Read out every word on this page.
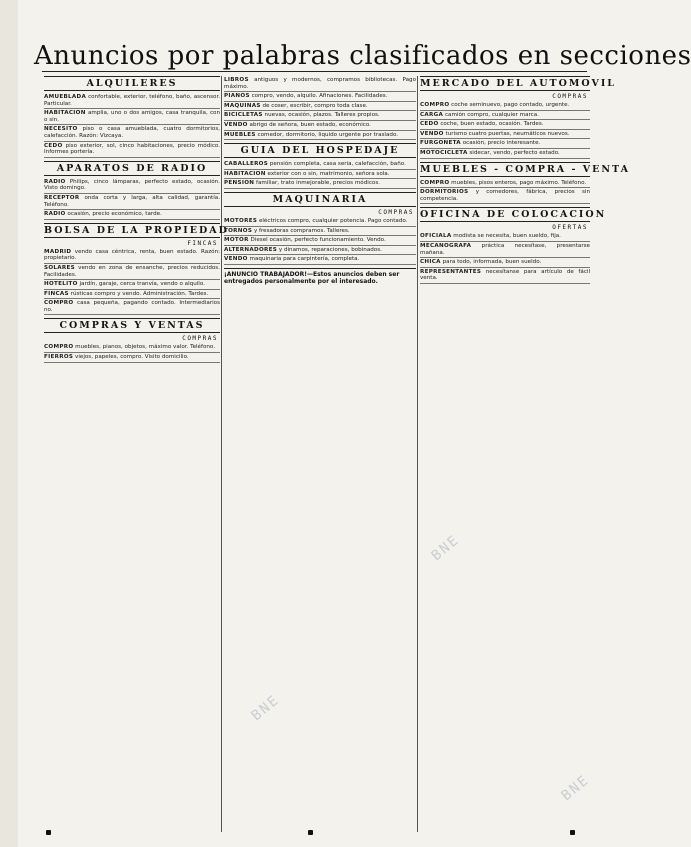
Anuncios por palabras clasificados en secciones
ALQUILERES
AMUEBLADA confortable, exterior, teléfono, baño, ascensor. Particular.
HABITACION amplia, uno o dos amigos, casa tranquila, con o sin.
NECESITO piso o casa amueblada, cuatro dormitorios, calefacción. Razón: Vizcaya.
CEDO piso exterior, sol, cinco habitaciones, precio módico. Informes portería.
APARATOS DE RADIO
RADIO Philips, cinco lámparas, perfecto estado, ocasión. Visto domingo.
RECEPTOR onda corta y larga, alta calidad, garantía. Teléfono.
RADIO ocasión, precio económico, tarde.
BOLSA DE LA PROPIEDAD
FINCAS
MADRID vendo casa céntrica, renta, buen estado. Razón: propietario.
SOLARES vendo en zona de ensanche, precios reducidos. Facilidades.
HOTELITO jardín, garaje, cerca tranvía, vendo o alquilo.
FINCAS rústicas compro y vendo. Administración. Tardes.
COMPRO casa pequeña, pagando contado. Intermediarios no.
COMPRAS Y VENTAS
COMPRAS
COMPRO muebles, pianos, objetos, máximo valor. Teléfono.
FIERROS viejos, papeles, compro. Visito domicilio.
LIBROS antiguos y modernos, compramos bibliotecas. Pago máximo.
PIANOS compro, vendo, alquilo. Afinaciones. Facilidades.
MAQUINAS de coser, escribir, compro toda clase.
BICICLETAS nuevas, ocasión, plazos. Talleres propios.
VENDO abrigo de señora, buen estado, económico.
MUEBLES comedor, dormitorio, liquido urgente por traslado.
GUIA DEL HOSPEDAJE
CABALLEROS pensión completa, casa seria, calefacción, baño.
HABITACION exterior con o sin, matrimonio, señora sola.
PENSION familiar, trato inmejorable, precios módicos.
MAQUINARIA
COMPRAS
MOTORES eléctricos compro, cualquier potencia. Pago contado.
TORNOS y fresadoras compramos. Talleres.
MOTOR Diesel ocasión, perfecto funcionamiento. Vendo.
ALTERNADORES y dinamos, reparaciones, bobinados.
VENDO maquinaria para carpintería, completa.
¡ANUNCIO TRABAJADOR!—Estos anuncios deben ser entregados personalmente por el interesado.
MERCADO DEL AUTOMOVIL
COMPRAS
COMPRO coche seminuevo, pago contado, urgente.
CARGA camión compro, cualquier marca.
CEDO coche, buen estado, ocasión. Tardes.
VENDO turismo cuatro puertas, neumáticos nuevos.
FURGONETA ocasión, precio interesante.
MOTOCICLETA sidecar, vendo, perfecto estado.
MUEBLES - COMPRA - VENTA
COMPRO muebles, pisos enteros, pago máximo. Teléfono.
DORMITORIOS y comedores, fábrica, precios sin competencia.
OFICINA DE COLOCACION
OFERTAS
OFICIALA modista se necesita, buen sueldo, fija.
MECANOGRAFA práctica necesítase, presentarse mañana.
CHICA para todo, informada, buen sueldo.
REPRESENTANTES necesítanse para artículo de fácil venta.
BNE
BNE
BNE
